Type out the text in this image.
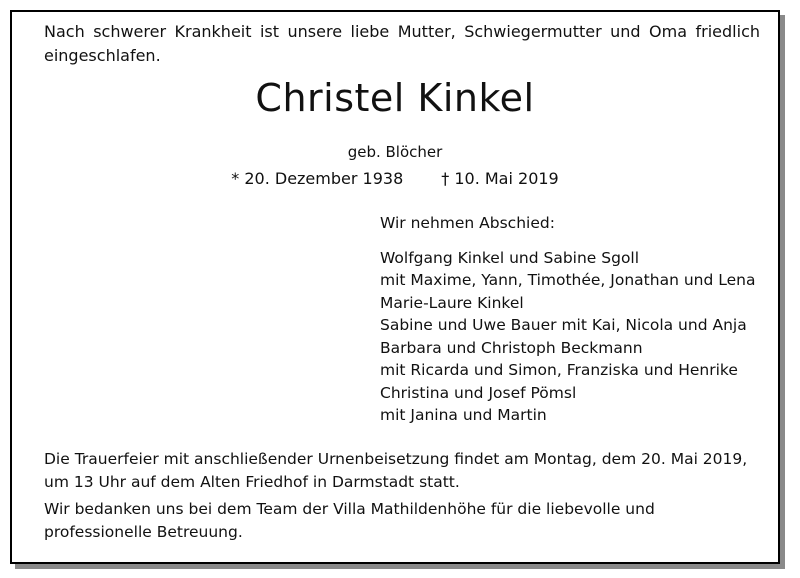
Nach schwerer Krankheit ist unsere liebe Mutter, Schwiegermutter und Oma friedlich eingeschlafen.
Christel Kinkel
geb. Blöcher
* 20. Dezember 1938 † 10. Mai 2019
Wir nehmen Abschied:
Wolfgang Kinkel und Sabine Sgoll
mit Maxime, Yann, Timothée, Jonathan und Lena
Marie-Laure Kinkel
Sabine und Uwe Bauer mit Kai, Nicola und Anja
Barbara und Christoph Beckmann
mit Ricarda und Simon, Franziska und Henrike
Christina und Josef Pömsl
mit Janina und Martin
Die Trauerfeier mit anschließender Urnenbeisetzung findet am Montag, dem 20. Mai 2019, um 13 Uhr auf dem Alten Friedhof in Darmstadt statt.
Wir bedanken uns bei dem Team der Villa Mathildenhöhe für die liebevolle und professionelle Betreuung.
